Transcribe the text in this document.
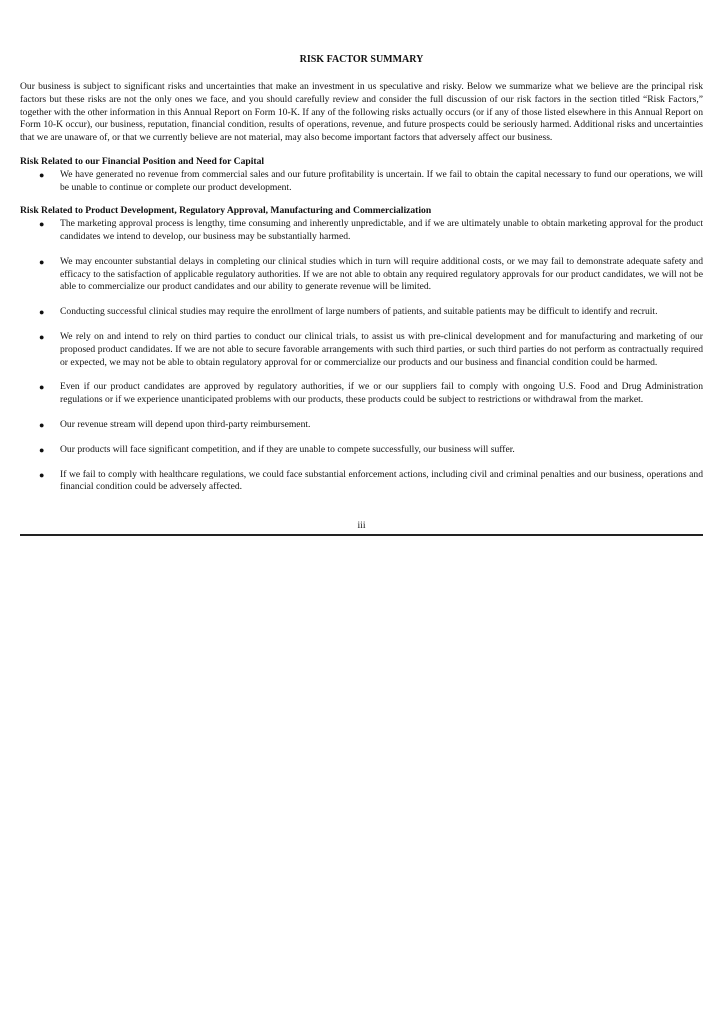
RISK FACTOR SUMMARY

Our business is subject to significant risks and uncertainties that make an investment in us speculative and risky. Below we summarize what we believe are the principal risk factors but these risks are not the only ones we face, and you should carefully review and consider the full discussion of our risk factors in the section titled “Risk Factors,” together with the other information in this Annual Report on Form 10-K. If any of the following risks actually occurs (or if any of those listed elsewhere in this Annual Report on Form 10-K occur), our business, reputation, financial condition, results of operations, revenue, and future prospects could be seriously harmed. Additional risks and uncertainties that we are unaware of, or that we currently believe are not material, may also become important factors that adversely affect our business.

Risk Related to our Financial Position and Need for Capital
● We have generated no revenue from commercial sales and our future profitability is uncertain. If we fail to obtain the capital necessary to fund our operations, we will be unable to continue or complete our product development.
Risk Related to Product Development, Regulatory Approval, Manufacturing and Commercialization
● The marketing approval process is lengthy, time consuming and inherently unpredictable, and if we are ultimately unable to obtain marketing approval for the product candidates we intend to develop, our business may be substantially harmed.
● We may encounter substantial delays in completing our clinical studies which in turn will require additional costs, or we may fail to demonstrate adequate safety and efficacy to the satisfaction of applicable regulatory authorities. If we are not able to obtain any required regulatory approvals for our product candidates, we will not be able to commercialize our product candidates and our ability to generate revenue will be limited.
● Conducting successful clinical studies may require the enrollment of large numbers of patients, and suitable patients may be difficult to identify and recruit.
● We rely on and intend to rely on third parties to conduct our clinical trials, to assist us with pre-clinical development and for manufacturing and marketing of our proposed product candidates. If we are not able to secure favorable arrangements with such third parties, or such third parties do not perform as contractually required or expected, we may not be able to obtain regulatory approval for or commercialize our products and our business and financial condition could be harmed.
● Even if our product candidates are approved by regulatory authorities, if we or our suppliers fail to comply with ongoing U.S. Food and Drug Administration regulations or if we experience unanticipated problems with our products, these products could be subject to restrictions or withdrawal from the market.
● Our revenue stream will depend upon third-party reimbursement.
● Our products will face significant competition, and if they are unable to compete successfully, our business will suffer.
● If we fail to comply with healthcare regulations, we could face substantial enforcement actions, including civil and criminal penalties and our business, operations and financial condition could be adversely affected.
iii
